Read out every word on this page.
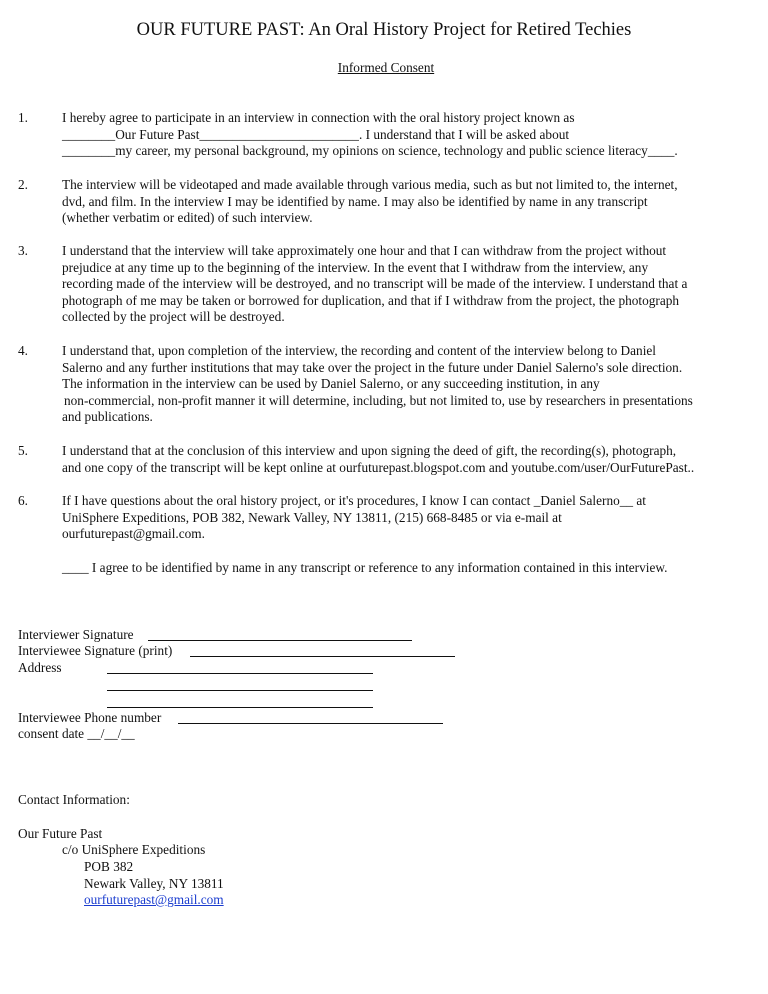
OUR FUTURE PAST: An Oral History Project for Retired Techies
Informed Consent
1.	I hereby agree to participate in an interview in connection with the oral history project known as
________Our Future Past________________________. I understand that I will be asked about
________my career, my personal background, my opinions on science, technology and public science literacy____.
2.	The interview will be videotaped and made available through various media, such as but not limited to, the internet,
dvd, and film. In the interview I may be identified by name. I may also be identified by name in any transcript
(whether verbatim or edited) of such interview.
3.	I understand that the interview will take approximately one hour and that I can withdraw from the project without
prejudice at any time up to the beginning of the interview. In the event that I withdraw from the interview, any
recording made of the interview will be destroyed, and no transcript will be made of the interview. I understand that a
photograph of me may be taken or borrowed for duplication, and that if I withdraw from the project, the photograph
collected by the project will be destroyed.
4.	I understand that, upon completion of the interview, the recording and content of the interview belong to Daniel
Salerno and any further institutions that may take over the project in the future under Daniel Salerno's sole direction.
The information in the interview can be used by Daniel Salerno, or any succeeding institution, in any
non-commercial, non-profit manner it will determine, including, but not limited to, use by researchers in presentations
and publications.
5.	I understand that at the conclusion of this interview and upon signing the deed of gift, the recording(s), photograph,
and one copy of the transcript will be kept online at ourfuturepast.blogspot.com and youtube.com/user/OurFuturePast..
6.	If I have questions about the oral history project, or it's procedures, I know I can contact _Daniel Salerno__ at
UniSphere Expeditions, POB 382, Newark Valley, NY 13811, (215) 668-8485 or via e-mail at
ourfuturepast@gmail.com.
____ I agree to be identified by name in any transcript or reference to any information contained in this interview.
Interviewer Signature
Interviewee Signature (print)
Address
Interviewee Phone number
consent date __/__/__
Contact Information:
Our Future Past
c/o UniSphere Expeditions
POB 382
Newark Valley, NY 13811
ourfuturepast@gmail.com
